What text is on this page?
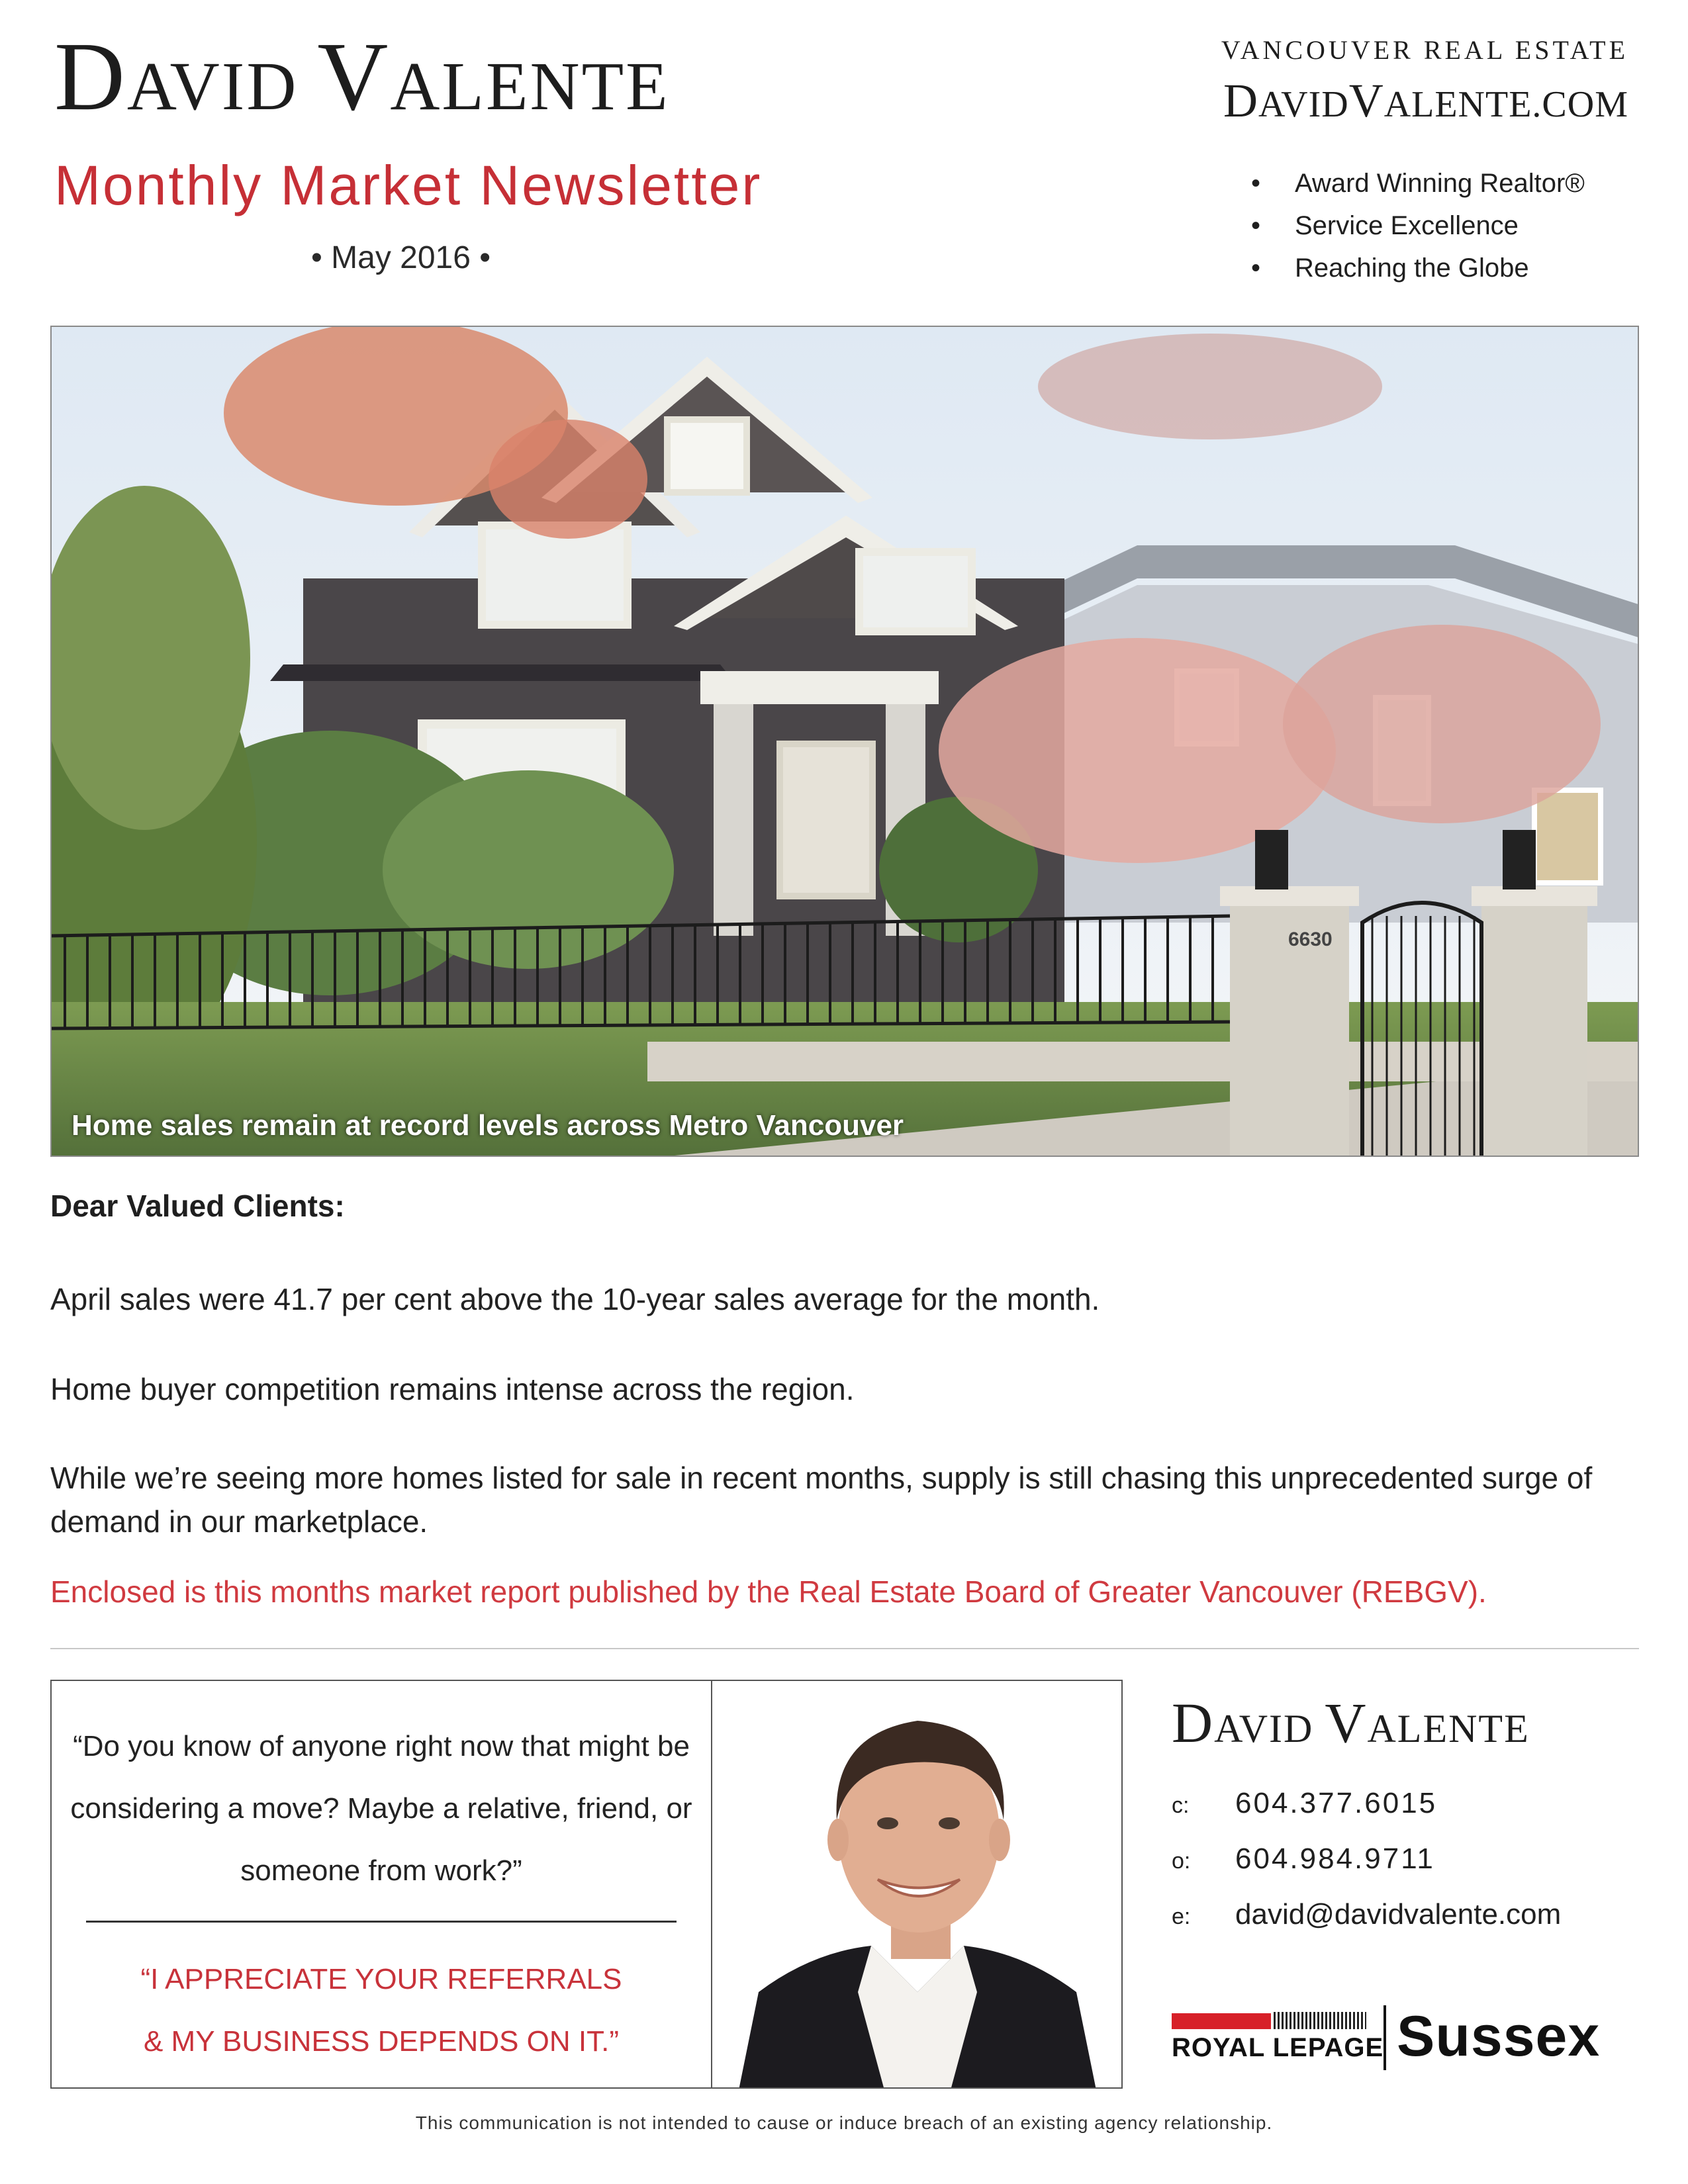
DAVID VALENTE
Monthly Market Newsletter
• May 2016 •
VANCOUVER REAL ESTATE
DAVIDVALENTE.COM
• Award Winning Realtor®
• Service Excellence
• Reaching the Globe
6630
Home sales remain at record levels across Metro Vancouver
Dear Valued Clients:
April sales were 41.7 per cent above the 10-year sales average for the month.
Home buyer competition remains intense across the region.
While we’re seeing more homes listed for sale in recent months, supply is still chasing this unprecedented surge of demand in our marketplace.
Enclosed is this months market report published by the Real Estate Board of Greater Vancouver (REBGV).
“Do you know of anyone right now that might be considering a move? Maybe a relative, friend, or someone from work?”
“I APPRECIATE YOUR REFERRALS
& MY BUSINESS DEPENDS ON IT.”
DAVID VALENTE
c: 604.377.6015
o: 604.984.9711
e: david@davidvalente.com
ROYAL LEPAGE Sussex
This communication is not intended to cause or induce breach of an existing agency relationship.
